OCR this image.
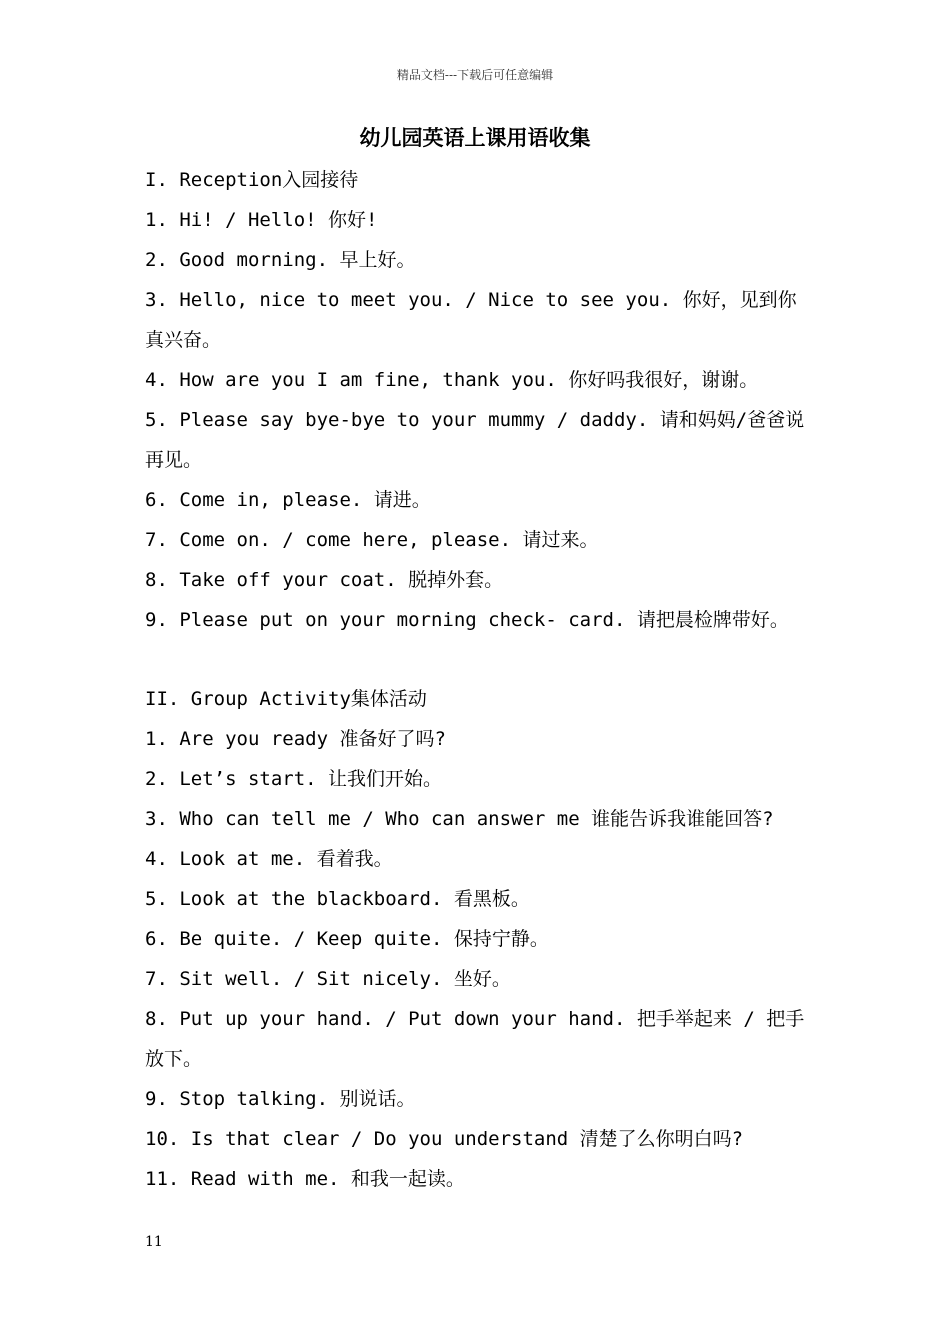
精品文档---下载后可任意编辑
幼儿园英语上课用语收集
I. Reception入园接待
1. Hi! / Hello! 你好!
2. Good morning. 早上好。
3. Hello, nice to meet you. / Nice to see you. 你好，见到你真兴奋。
4. How are you I am fine, thank you. 你好吗我很好，谢谢。
5. Please say bye-bye to your mummy / daddy. 请和妈妈/爸爸说再见。
6. Come in, please. 请进。
7. Come on. / come here, please. 请过来。
8. Take off your coat. 脱掉外套。
9. Please put on your morning check- card. 请把晨检牌带好。
II. Group Activity集体活动
1. Are you ready 准备好了吗?
2. Let’s start. 让我们开始。
3. Who can tell me / Who can answer me 谁能告诉我谁能回答?
4. Look at me. 看着我。
5. Look at the blackboard. 看黑板。
6. Be quite. / Keep quite. 保持宁静。
7. Sit well. / Sit nicely. 坐好。
8. Put up your hand. / Put down your hand. 把手举起来 / 把手放下。
9. Stop talking. 别说话。
10. Is that clear / Do you understand 清楚了么你明白吗?
11. Read with me. 和我一起读。
11
